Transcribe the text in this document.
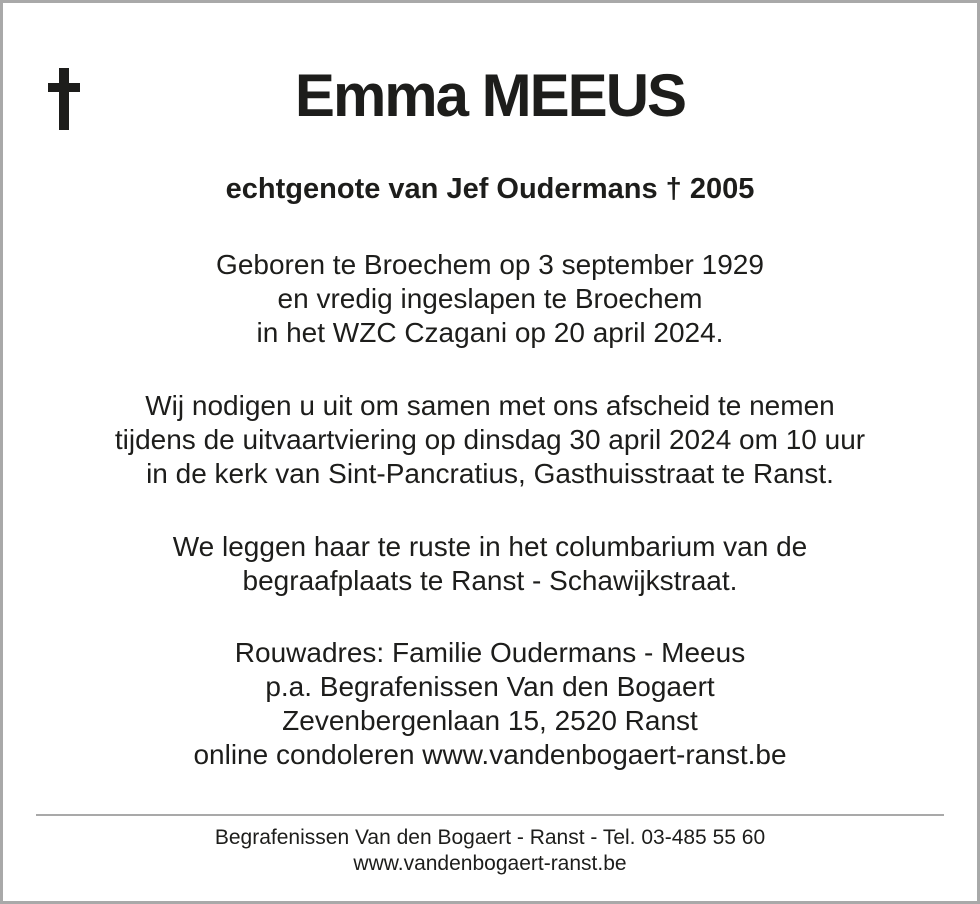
Emma MEEUS
echtgenote van Jef Oudermans † 2005
Geboren te Broechem op 3 september 1929
en vredig ingeslapen te Broechem
in het WZC Czagani op 20 april 2024.
Wij nodigen u uit om samen met ons afscheid te nemen
tijdens de uitvaartviering op dinsdag 30 april 2024 om 10 uur
in de kerk van Sint-Pancratius, Gasthuisstraat te Ranst.
We leggen haar te ruste in het columbarium van de
begraafplaats te Ranst - Schawijkstraat.
Rouwadres: Familie Oudermans - Meeus
p.a. Begrafenissen Van den Bogaert
Zevenbergenlaan 15, 2520 Ranst
online condoleren www.vandenbogaert-ranst.be
Begrafenissen Van den Bogaert - Ranst - Tel. 03-485 55 60
www.vandenbogaert-ranst.be
